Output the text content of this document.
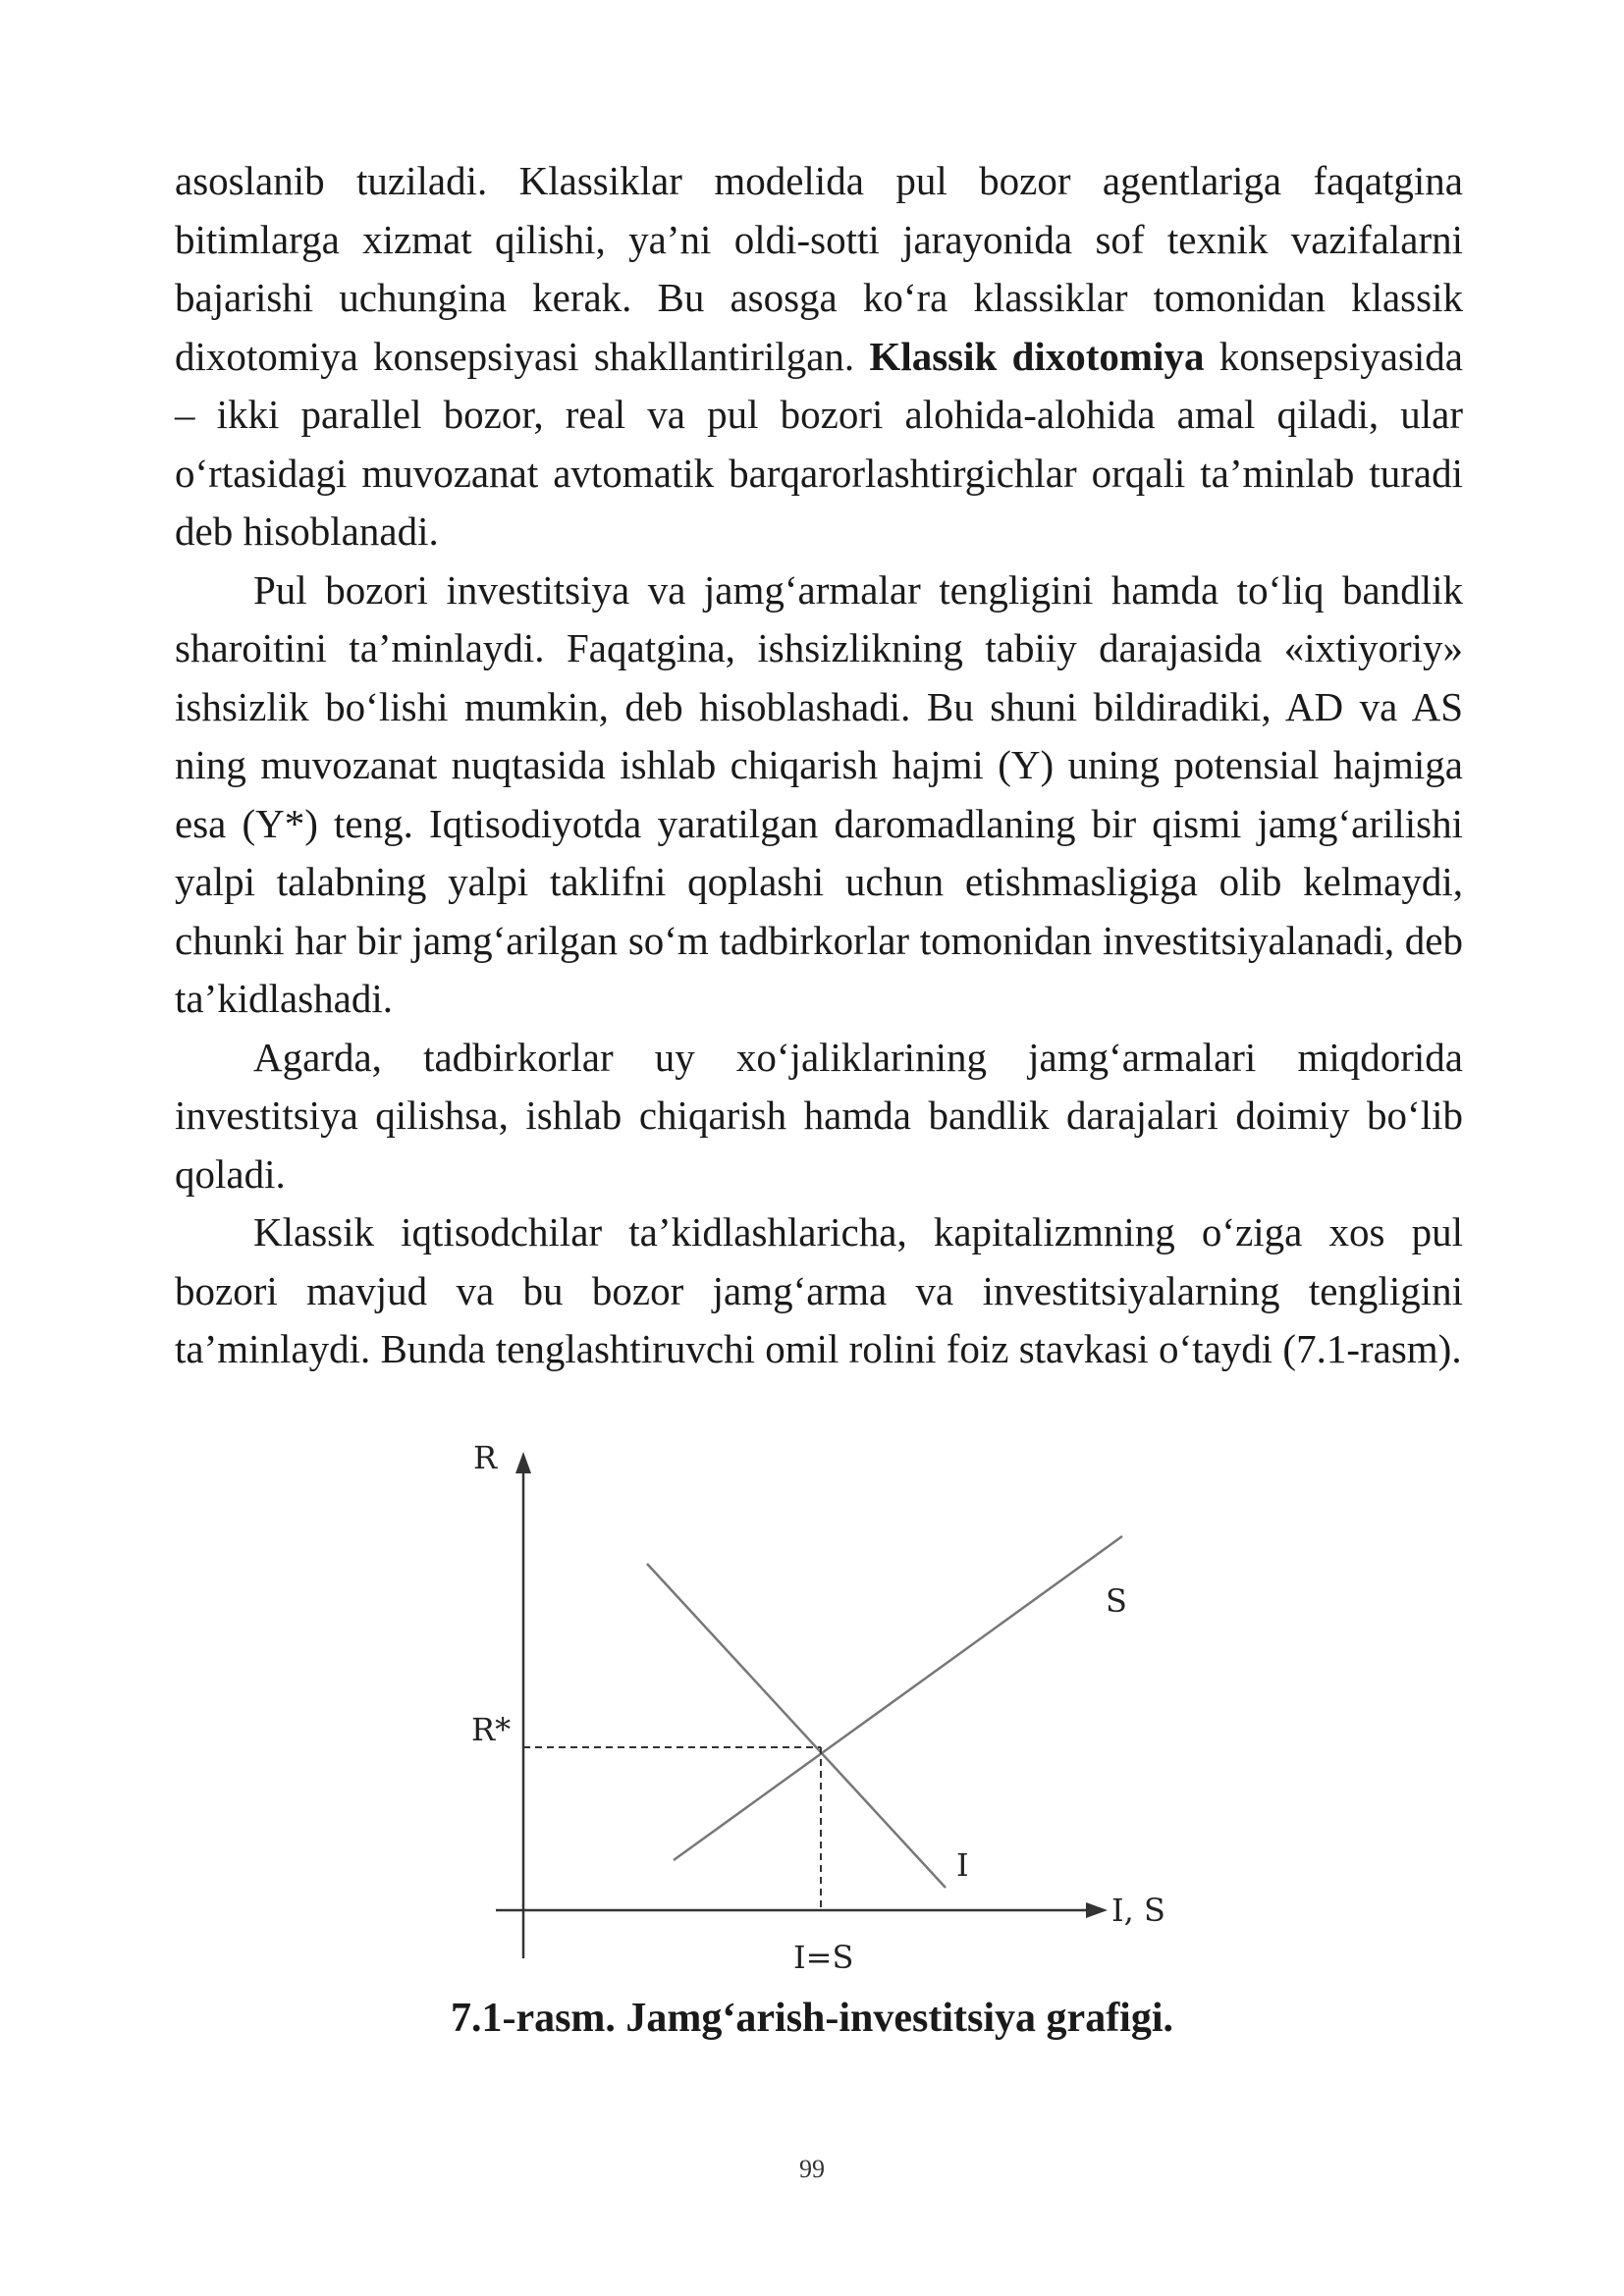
asoslanib tuziladi. Klassiklar modelida pul bozor agentlariga faqatgina bitimlarga xizmat qilishi, ya’ni oldi-sotti jarayonida sof texnik vazifalarni bajarishi uchungina kerak. Bu asosga ko‘ra klassiklar tomonidan klassik dixotomiya konsepsiyasi shakllantirilgan. Klassik dixotomiya konsepsiyasida – ikki parallel bozor, real va pul bozori alohida-alohida amal qiladi, ular o‘rtasidagi muvozanat avtomatik barqarorlashtirgichlar orqali ta’minlab turadi deb hisoblanadi.

Pul bozori investitsiya va jamg‘armalar tengligini hamda to‘liq bandlik sharoitini ta’minlaydi. Faqatgina, ishsizlikning tabiiy darajasida «ixtiyoriy» ishsizlik bo‘lishi mumkin, deb hisoblashadi. Bu shuni bildiradiki, AD va AS ning muvozanat nuqtasida ishlab chiqarish hajmi (Y) uning potensial hajmiga esa (Y*) teng. Iqtisodiyotda yaratilgan daromadlaning bir qismi jamg‘arilishi yalpi talabning yalpi taklifni qoplashi uchun etishmasligiga olib kelmaydi, chunki har bir jamg‘arilgan so‘m tadbirkorlar tomonidan investitsiyalanadi, deb ta’kidlashadi.

Agarda, tadbirkorlar uy xo‘jaliklarining jamg‘armalari miqdorida investitsiya qilishsa, ishlab chiqarish hamda bandlik darajalari doimiy bo‘lib qoladi.

Klassik iqtisodchilar ta’kidlashlaricha, kapitalizmning o‘ziga xos pul bozori mavjud va bu bozor jamg‘arma va investitsiyalarning tengligini ta’minlaydi. Bunda tenglashtiruvchi omil rolini foiz stavkasi o‘taydi (7.1-rasm).

R
I, S
R*
I=S
S
I
7.1-rasm. Jamg‘arish-investitsiya grafigi.
99
